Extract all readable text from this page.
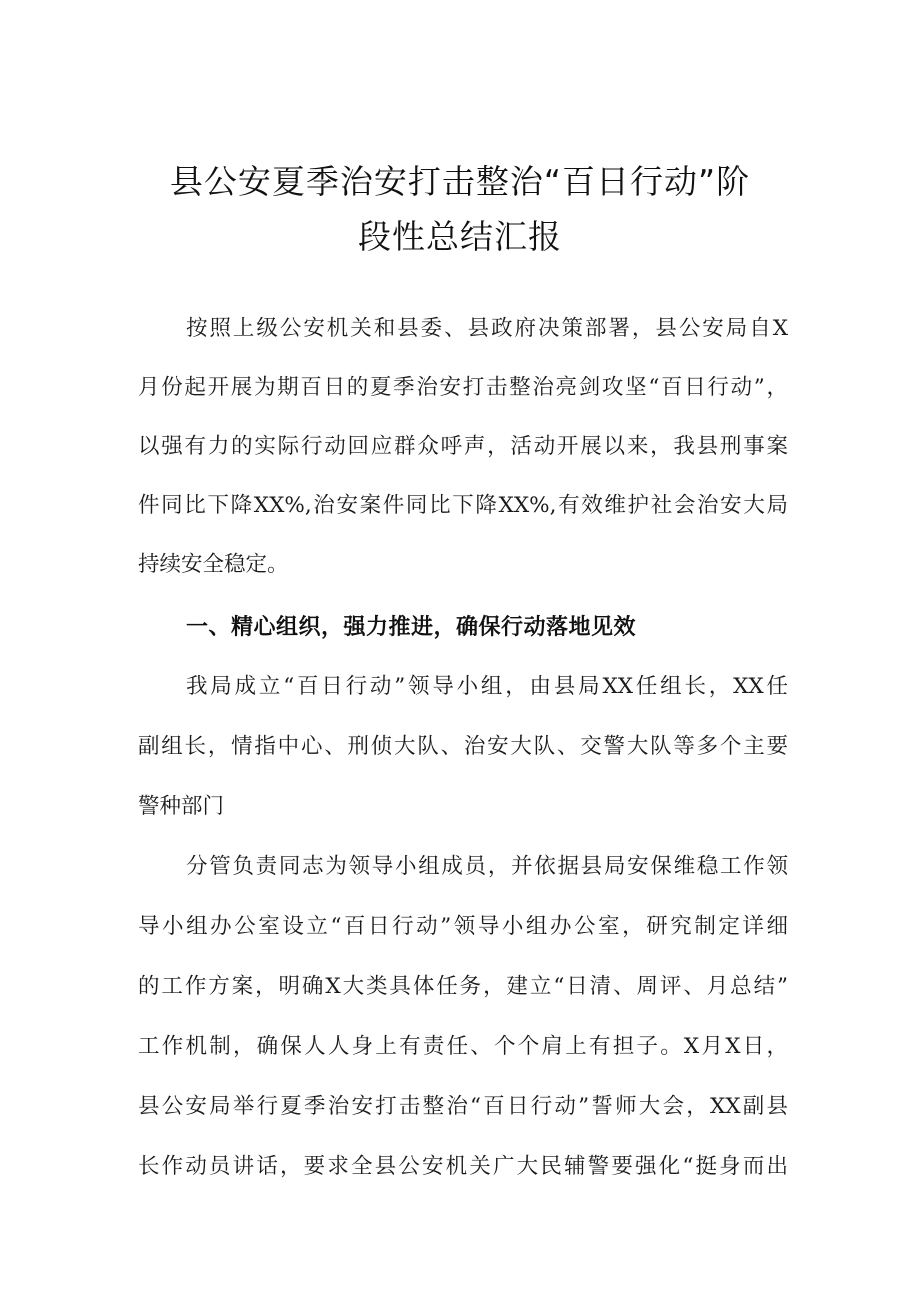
县公安夏季治安打击整治“百日行动”阶
段性总结汇报

按照上级公安机关和县委、县政府决策部署，县公安局自X

月份起开展为期百日的夏季治安打击整治亮剑攻坚“百日行动”，

以强有力的实际行动回应群众呼声，活动开展以来，我县刑事案

件同比下降XX%,治安案件同比下降XX%,有效维护社会治安大局

持续安全稳定。

一、精心组织，强力推进，确保行动落地见效

我局成立“百日行动”领导小组，由县局XX任组长，XX任

副组长，情指中心、刑侦大队、治安大队、交警大队等多个主要

警种部门

分管负责同志为领导小组成员，并依据县局安保维稳工作领

导小组办公室设立“百日行动”领导小组办公室，研究制定详细

的工作方案，明确X大类具体任务，建立“日清、周评、月总结”

工作机制，确保人人身上有责任、个个肩上有担子。X月X日，

县公安局举行夏季治安打击整治“百日行动”誓师大会，XX副县

长作动员讲话，要求全县公安机关广大民辅警要强化“挺身而出
